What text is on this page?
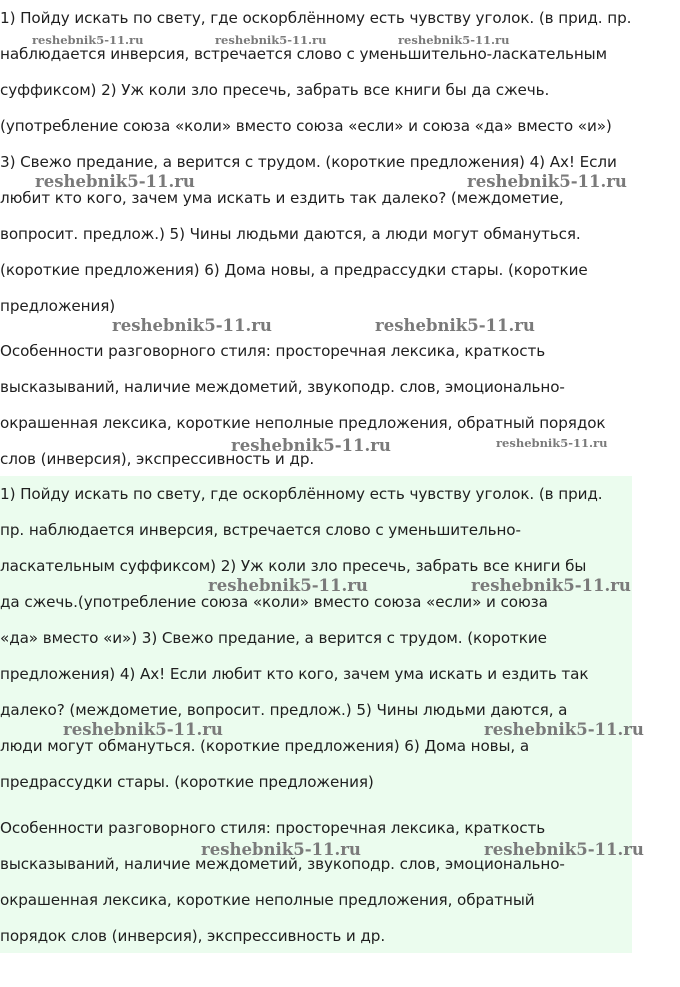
1) Пойду искать по свету, где оскорблённому есть чувству уголок. (в прид. пр.
наблюдается инверсия, встречается слово с уменьшительно-ласкательным
суффиксом) 2) Уж коли зло пресечь, забрать все книги бы да сжечь.
(употребление союза «коли» вместо союза «если» и союза «да» вместо «и»)
3) Свежо предание, а верится с трудом. (короткие предложения) 4) Ах! Если
любит кто кого, зачем ума искать и ездить так далеко? (междометие,
вопросит. предлож.) 5) Чины людьми даются, а люди могут обмануться.
(короткие предложения) 6) Дома новы, а предрассудки стары. (короткие
предложения)
Особенности разговорного стиля: просторечная лексика, краткость
высказываний, наличие междометий, звукоподр. слов, эмоционально-
окрашенная лексика, короткие неполные предложения, обратный порядок
слов (инверсия), экспрессивность и др.
1) Пойду искать по свету, где оскорблённому есть чувству уголок. (в прид.
пр. наблюдается инверсия, встречается слово с уменьшительно-
ласкательным суффиксом) 2) Уж коли зло пресечь, забрать все книги бы
да сжечь.(употребление союза «коли» вместо союза «если» и союза
«да» вместо «и») 3) Свежо предание, а верится с трудом. (короткие
предложения) 4) Ах! Если любит кто кого, зачем ума искать и ездить так
далеко? (междометие, вопросит. предлож.) 5) Чины людьми даются, а
люди могут обмануться. (короткие предложения) 6) Дома новы, а
предрассудки стары. (короткие предложения)
Особенности разговорного стиля: просторечная лексика, краткость
высказываний, наличие междометий, звукоподр. слов, эмоционально-
окрашенная лексика, короткие неполные предложения, обратный
порядок слов (инверсия), экспрессивность и др.
reshebnik5-11.ru	reshebnik5-11.ru	reshebnik5-11.ru
reshebnik5-11.ru	reshebnik5-11.ru
reshebnik5-11.ru	reshebnik5-11.ru
reshebnik5-11.ru	reshebnik5-11.ru
reshebnik5-11.ru	reshebnik5-11.ru
reshebnik5-11.ru	reshebnik5-11.ru
reshebnik5-11.ru	reshebnik5-11.ru
